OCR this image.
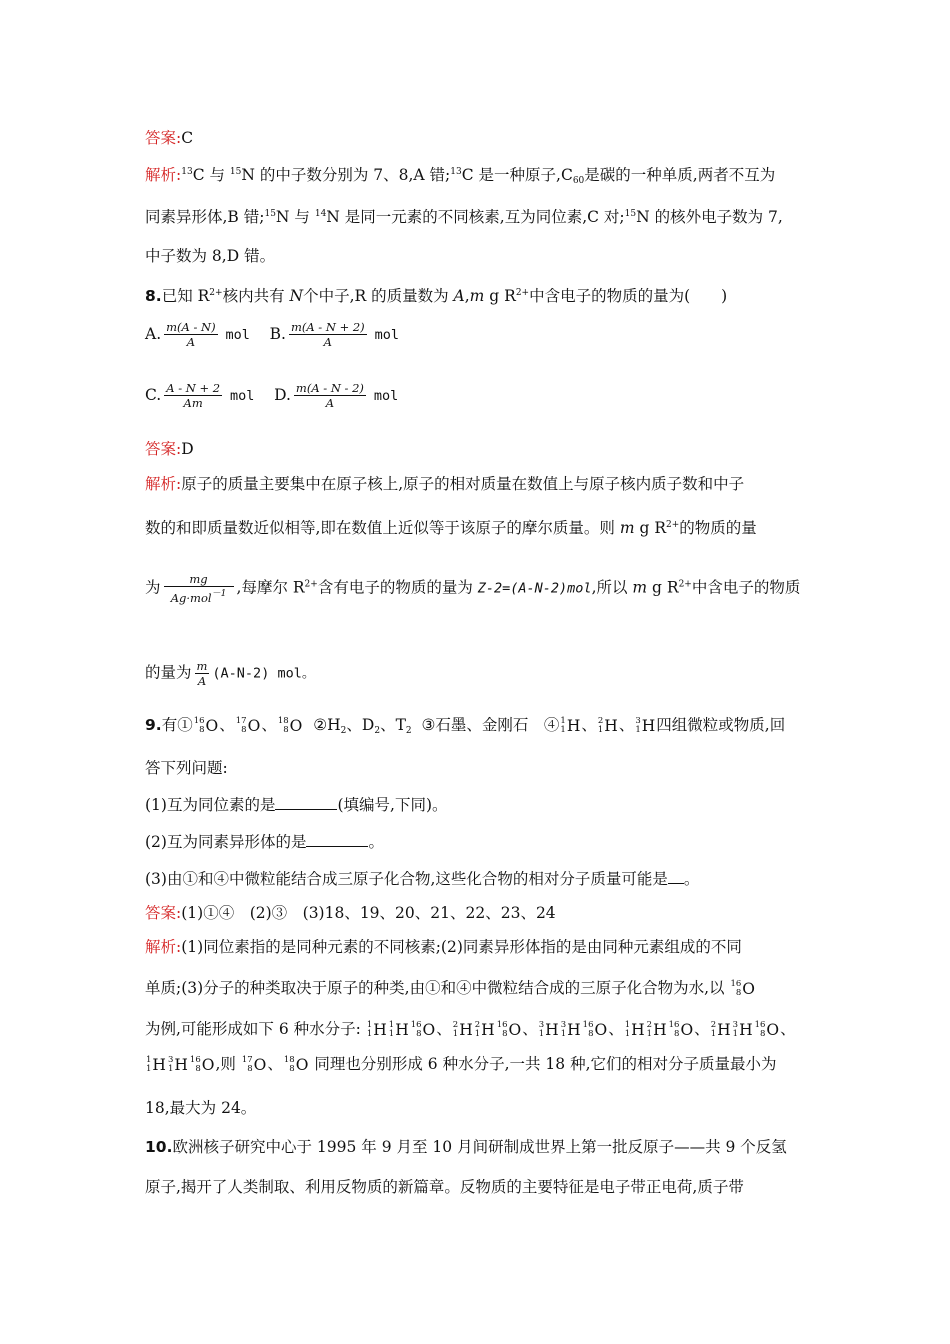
答案:C
解析:$^{13}$C 与 $^{15}$N 的中子数分别为 7、8,A 错;$^{13}$C 是一种原子$,C_{60}$是碳的一种单质,两者不互为
同素异形体,B 错;$^{15}$N 与 $^{14}$N 是同一元素的不同核素,互为同位素,C 对;$^{15}$N 的核外电子数为 7,
中子数为 8,D 错。
8.已知 $R^{2+}$核内共有 N个中子,R 的质量数为 A,m g $R^{2+}$中含电子的物质的量为(　　)
A. $\frac{m(A - N)}{A}$ mol B. $\frac{m(A - N + 2)}{A}$ mol
C. $\frac{A - N + 2}{Am}$ mol D. $\frac{m(A - N - 2)}{A}$ mol
答案:D
解析:原子的质量主要集中在原子核上,原子的相对质量在数值上与原子核内质子数和中子
数的和即质量数近似相等,即在数值上近似等于该原子的摩尔质量。则 m g $R^{2+}$的物质的量
为 $\frac{mg}{Ag\cdot mol^{-1}}$ ,每摩尔 $R^{2+}$含有电子的物质的量为 Z-2=(A-N-2)mol,所以 m g $R^{2+}$中含电子的物质
的量为 $\frac{m}{A} (A-N-2)$ mol。
9.有① 16
8 O 、 17
8 O 、 18
8 O $②H_2$、$D_2$、$T_2$ ③石墨、金刚石　④ 1
1 H 、 2
1 H 、 3
1 H 四组微粒或物质,回
答下列问题:
(1)互为同位素的是	(填编号,下同)。
(2)互为同素异形体的是	。
(3)由①和④中微粒能结合成三原子化合物,这些化合物的相对分子质量可能是 。
答案:(1)①④　(2)③　(3)18、19、20、21、22、23、24
解析:(1)同位素指的是同种元素的不同核素;(2)同素异形体指的是由同种元素组成的不同
单质;(3)分子的种类取决于原子的种类,由①和④中微粒结合成的三原子化合物为水,以 16
8 O
为例,可能形成如下 6 种水分子: 1
1 H 1
1 H 16
8 O 、 2
1 H 2
1 H 16
8 O 、 3
1 H 3
1 H 16
8 O 、 1
1 H 2
1 H 16
8 O 、 2
1 H 3
1 H 16
8 O 、
1
1 H 3
1 H 16
8 O ,则 17
8 O 、 18
8 O 同理也分别形成 6 种水分子,一共 18 种,它们的相对分子质量最小为
18,最大为 24。
10.欧洲核子研究中心于 1995 年 9 月至 10 月间研制成世界上第一批反原子——共 9 个反氢
原子,揭开了人类制取、利用反物质的新篇章。反物质的主要特征是电子带正电荷,质子带
